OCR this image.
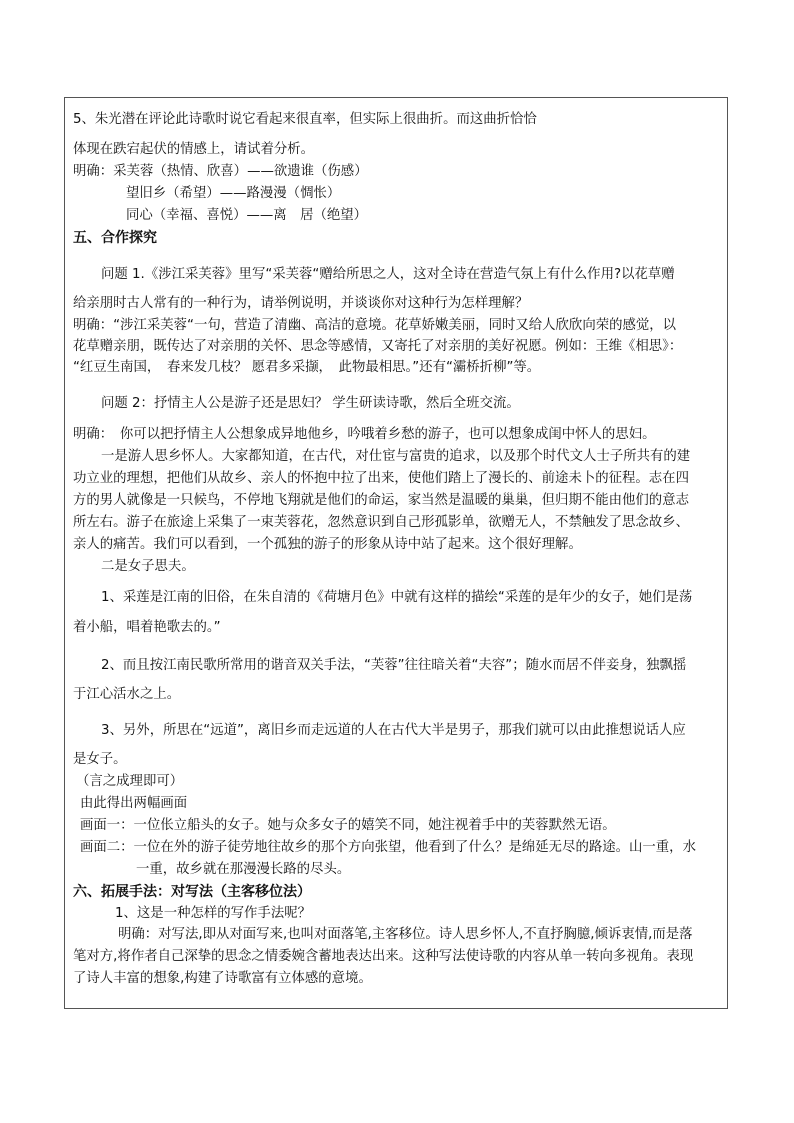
5、朱光潜在评论此诗歌时说它看起来很直率，但实际上很曲折。而这曲折恰恰
体现在跌宕起伏的情感上，请试着分析。
明确：采芙蓉（热情、欣喜）——欲遗谁（伤感）
望旧乡（希望）——路漫漫（惆怅）
同心（幸福、喜悦）——离　居（绝望）
五、合作探究
问题 1.《涉江采芙蓉》里写“采芙蓉“赠给所思之人，这对全诗在营造气氛上有什么作用?以花草赠
给亲朋时古人常有的一种行为，请举例说明，并谈谈你对这种行为怎样理解？
明确：“涉江采芙蓉“一句，营造了清幽、高洁的意境。花草娇嫩美丽，同时又给人欣欣向荣的感觉，以
花草赠亲朋，既传达了对亲朋的关怀、思念等感情，又寄托了对亲朋的美好祝愿。例如：王维《相思》：
“红豆生南国，　春来发几枝？ 愿君多采撷，　此物最相思。”还有“灞桥折柳”等。
问题 2：抒情主人公是游子还是思妇？ 学生研读诗歌，然后全班交流。
明确：　你可以把抒情主人公想象成异地他乡，吟哦着乡愁的游子，也可以想象成闺中怀人的思妇。
一是游人思乡怀人。大家都知道，在古代，对仕宦与富贵的追求，以及那个时代文人士子所共有的建
功立业的理想，把他们从故乡、亲人的怀抱中拉了出来，使他们踏上了漫长的、前途未卜的征程。志在四
方的男人就像是一只候鸟，不停地飞翔就是他们的命运，家当然是温暖的巢巢，但归期不能由他们的意志
所左右。游子在旅途上采集了一束芙蓉花，忽然意识到自己形孤影单，欲赠无人，不禁触发了思念故乡、
亲人的痛苦。我们可以看到，一个孤独的游子的形象从诗中站了起来。这个很好理解。
二是女子思夫。
1、采莲是江南的旧俗，在朱自清的《荷塘月色》中就有这样的描绘“采莲的是年少的女子，她们是荡
着小船，唱着艳歌去的。”
2、而且按江南民歌所常用的谐音双关手法，“芙蓉”往往暗关着“夫容”；随水而居不伴妾身，独飘摇
于江心活水之上。
3、另外，所思在“远道”，离旧乡而走远道的人在古代大半是男子，那我们就可以由此推想说话人应
是女子。
（言之成理即可）
由此得出两幅画面
画面一：一位伥立船头的女子。她与众多女子的嬉笑不同，她注视着手中的芙蓉默然无语。
画面二：一位在外的游子徒劳地往故乡的那个方向张望，他看到了什么？是绵延无尽的路途。山一重，水
一重，故乡就在那漫漫长路的尽头。
六、拓展手法：对写法（主客移位法）
1、这是一种怎样的写作手法呢？
明确：对写法,即从对面写来,也叫对面落笔,主客移位。诗人思乡怀人,不直抒胸臆,倾诉衷情,而是落
笔对方,将作者自己深挚的思念之情委婉含蓄地表达出来。这种写法使诗歌的内容从单一转向多视角。表现
了诗人丰富的想象,构建了诗歌富有立体感的意境。
